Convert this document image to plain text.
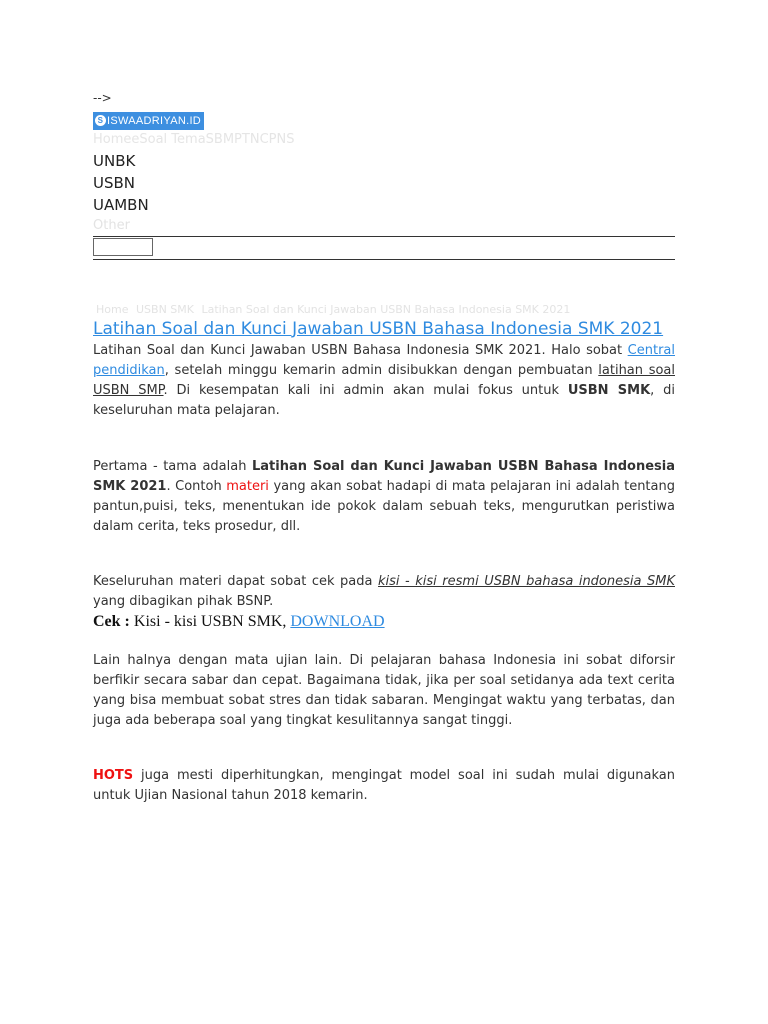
-->
S ISWAADRIYAN.ID
HomeeSoal TemaSBMPTNCPNS
UNBK
USBN
UAMBN
Other
Home USBN SMK Latihan Soal dan Kunci Jawaban USBN Bahasa Indonesia SMK 2021
Latihan Soal dan Kunci Jawaban USBN Bahasa Indonesia SMK 2021

Latihan Soal dan Kunci Jawaban USBN Bahasa Indonesia SMK 2021. Halo sobat Central pendidikan, setelah minggu kemarin admin disibukkan dengan pembuatan latihan soal USBN SMP. Di kesempatan kali ini admin akan mulai fokus untuk USBN SMK, di keseluruhan mata pelajaran.

Pertama - tama adalah Latihan Soal dan Kunci Jawaban USBN Bahasa Indonesia SMK 2021. Contoh materi yang akan sobat hadapi di mata pelajaran ini adalah tentang pantun,puisi, teks, menentukan ide pokok dalam sebuah teks, mengurutkan peristiwa dalam cerita, teks prosedur, dll.

Keseluruhan materi dapat sobat cek pada kisi - kisi resmi USBN bahasa indonesia SMK yang dibagikan pihak BSNP.

Cek : Kisi - kisi USBN SMK, DOWNLOAD

Lain halnya dengan mata ujian lain. Di pelajaran bahasa Indonesia ini sobat diforsir berfikir secara sabar dan cepat. Bagaimana tidak, jika per soal setidanya ada text cerita yang bisa membuat sobat stres dan tidak sabaran. Mengingat waktu yang terbatas, dan juga ada beberapa soal yang tingkat kesulitannya sangat tinggi.

HOTS juga mesti diperhitungkan, mengingat model soal ini sudah mulai digunakan untuk Ujian Nasional tahun 2018 kemarin.
